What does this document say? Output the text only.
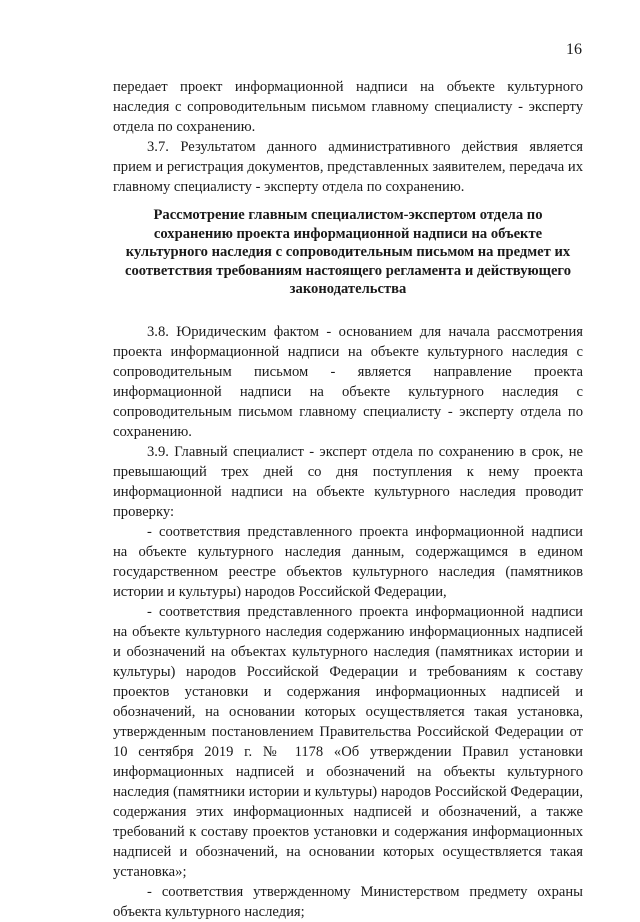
16

передает проект информационной надписи на объекте культурного наследия с сопроводительным письмом главному специалисту - эксперту отдела по сохранению.

3.7. Результатом данного административного действия является прием и регистрация документов, представленных заявителем, передача их главному специалисту - эксперту отдела по сохранению.

Рассмотрение главным специалистом-экспертом отдела по сохранению проекта информационной надписи на объекте культурного наследия с сопроводительным письмом на предмет их соответствия требованиям настоящего регламента и действующего законодательства

3.8. Юридическим фактом - основанием для начала рассмотрения проекта информационной надписи на объекте культурного наследия с сопроводительным письмом - является направление проекта информационной надписи на объекте культурного наследия с сопроводительным письмом главному специалисту - эксперту отдела по сохранению.

3.9. Главный специалист - эксперт отдела по сохранению в срок, не превышающий трех дней со дня поступления к нему проекта информационной надписи на объекте культурного наследия проводит проверку:

- соответствия представленного проекта информационной надписи на объекте культурного наследия данным, содержащимся в едином государственном реестре объектов культурного наследия (памятников истории и культуры) народов Российской Федерации,

- соответствия представленного проекта информационной надписи на объекте культурного наследия содержанию информационных надписей и обозначений на объектах культурного наследия (памятниках истории и культуры) народов Российской Федерации и требованиям к составу проектов установки и содержания информационных надписей и обозначений, на основании которых осуществляется такая установка, утвержденным постановлением Правительства Российской Федерации от 10 сентября 2019 г. № 1178 «Об утверждении Правил установки информационных надписей и обозначений на объекты культурного наследия (памятники истории и культуры) народов Российской Федерации, содержания этих информационных надписей и обозначений, а также требований к составу проектов установки и содержания информационных надписей и обозначений, на основании которых осуществляется такая установка»;

- соответствия утвержденному Министерством предмету охраны объекта культурного наследия;
